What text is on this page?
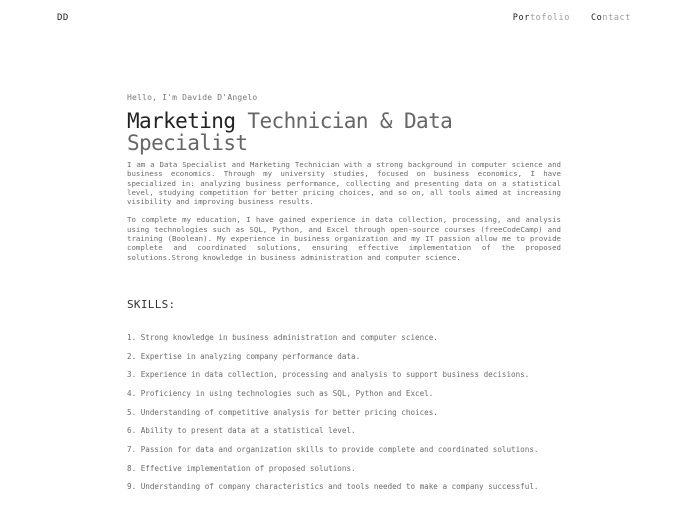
DD	Portofolio Contact

Hello, I'm Davide D'Angelo

Marketing Technician & Data Specialist

I am a Data Specialist and Marketing Technician with a strong background in computer science and business economics. Through my university studies, focused on business economics, I have specialized in: analyzing business performance, collecting and presenting data on a statistical level, studying competition for better pricing choices, and so on, all tools aimed at increasing visibility and improving business results.

To complete my education, I have gained experience in data collection, processing, and analysis using technologies such as SQL, Python, and Excel through open-source courses (freeCodeCamp) and training (Boolean). My experience in business organization and my IT passion allow me to provide complete and coordinated solutions, ensuring effective implementation of the proposed solutions.Strong knowledge in business administration and computer science.

SKILLS:
1. Strong knowledge in business administration and computer science.
2. Expertise in analyzing company performance data.
3. Experience in data collection, processing and analysis to support business decisions.
4. Proficiency in using technologies such as SQL, Python and Excel.
5. Understanding of competitive analysis for better pricing choices.
6. Ability to present data at a statistical level.
7. Passion for data and organization skills to provide complete and coordinated solutions.
8. Effective implementation of proposed solutions.
9. Understanding of company characteristics and tools needed to make a company successful.
